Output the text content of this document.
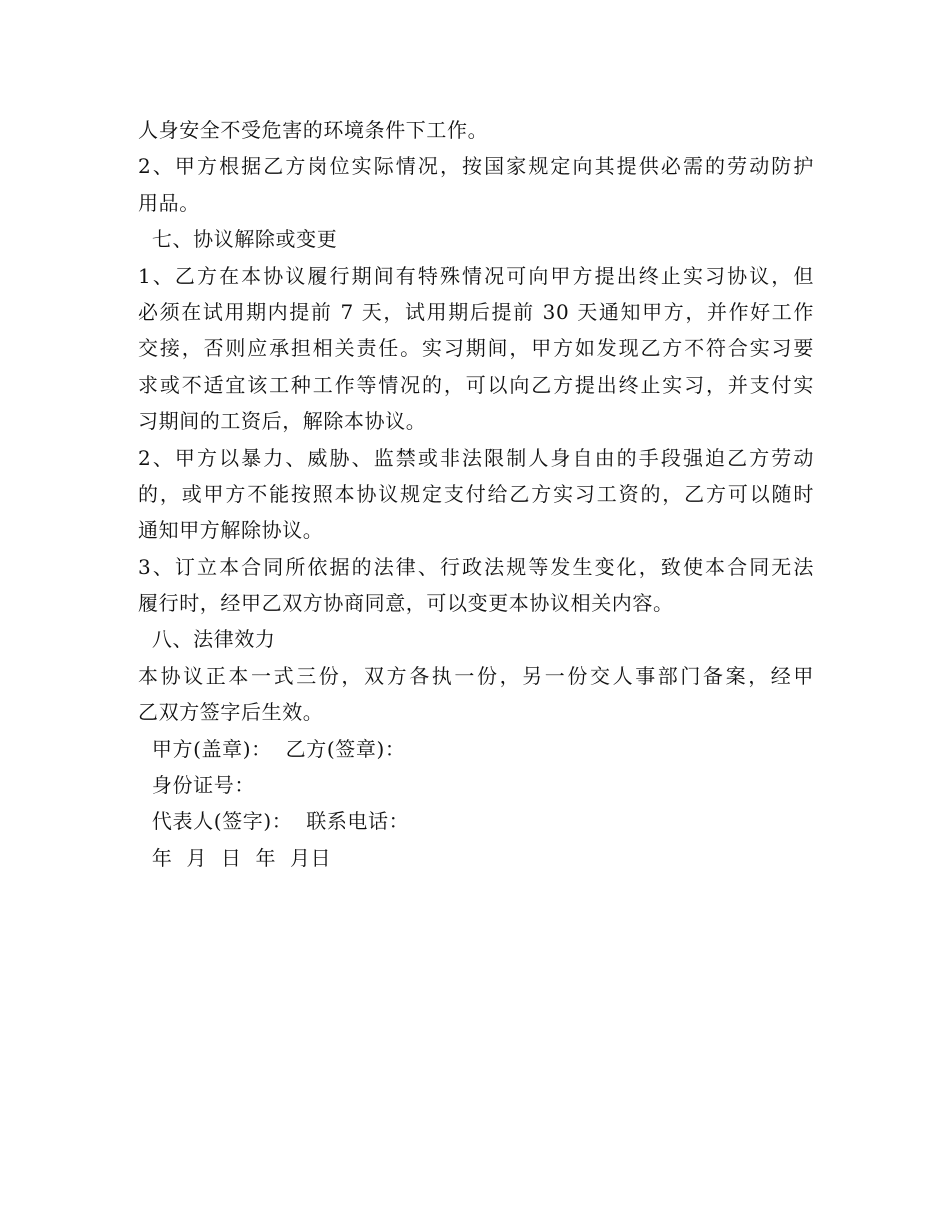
人身安全不受危害的环境条件下工作。
2、甲方根据乙方岗位实际情况，按国家规定向其提供必需的劳动防护
用品。
七、协议解除或变更
1、乙方在本协议履行期间有特殊情况可向甲方提出终止实习协议，但
必须在试用期内提前 7 天，试用期后提前 30 天通知甲方，并作好工作
交接，否则应承担相关责任。实习期间，甲方如发现乙方不符合实习要
求或不适宜该工种工作等情况的，可以向乙方提出终止实习，并支付实
习期间的工资后，解除本协议。
2、甲方以暴力、威胁、监禁或非法限制人身自由的手段强迫乙方劳动
的，或甲方不能按照本协议规定支付给乙方实习工资的，乙方可以随时
通知甲方解除协议。
3、订立本合同所依据的法律、行政法规等发生变化，致使本合同无法
履行时，经甲乙双方协商同意，可以变更本协议相关内容。
八、法律效力
本协议正本一式三份，双方各执一份，另一份交人事部门备案，经甲
乙双方签字后生效。
甲方(盖章)：  乙方(签章)：
身份证号：
代表人(签字)：  联系电话：
年  月  日  年  月日
